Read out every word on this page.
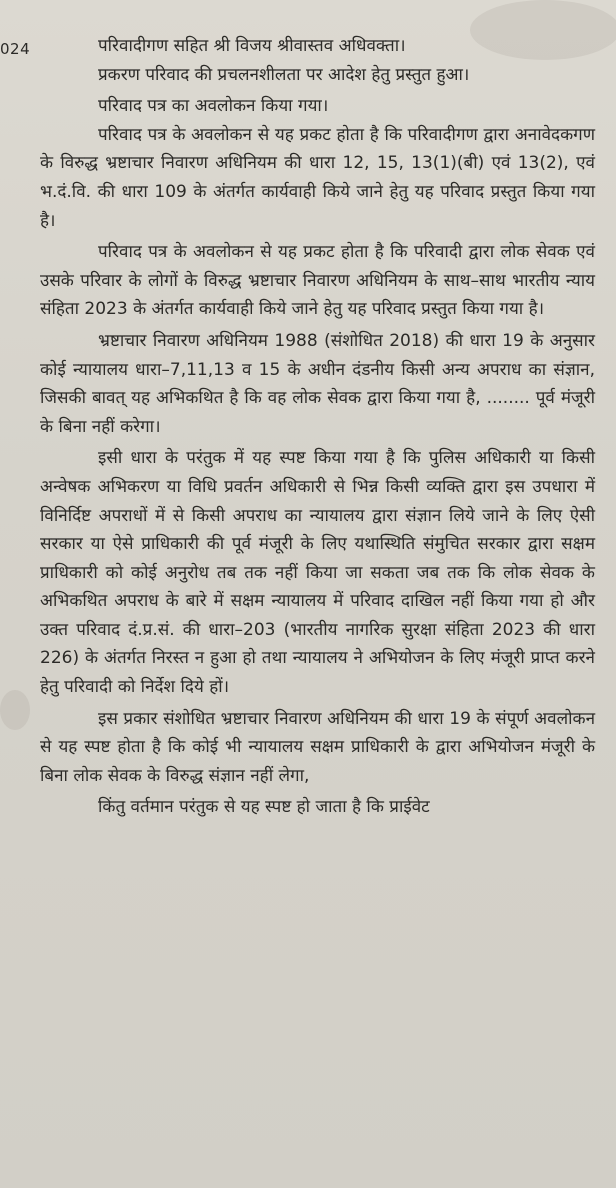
024	परिवादीगण सहित श्री विजय श्रीवास्तव अधिवक्ता।

प्रकरण परिवाद की प्रचलनशीलता पर आदेश हेतु प्रस्तुत हुआ।

परिवाद पत्र का अवलोकन किया गया।

परिवाद पत्र के अवलोकन से यह प्रकट होता है कि परिवादीगण द्वारा अनावेदकगण के विरुद्ध भ्रष्टाचार निवारण अधिनियम की धारा 12, 15, 13(1)(बी) एवं 13(2), एवं भ.दं.वि. की धारा 109 के अंतर्गत कार्यवाही किये जाने हेतु यह परिवाद प्रस्तुत किया गया है।

परिवाद पत्र के अवलोकन से यह प्रकट होता है कि परिवादी द्वारा लोक सेवक एवं उसके परिवार के लोगों के विरुद्ध भ्रष्टाचार निवारण अधिनियम के साथ–साथ भारतीय न्याय संहिता 2023 के अंतर्गत कार्यवाही किये जाने हेतु यह परिवाद प्रस्तुत किया गया है।

भ्रष्टाचार निवारण अधिनियम 1988 (संशोधित 2018) की धारा 19 के अनुसार कोई न्यायालय धारा–7,11,13 व 15 के अधीन दंडनीय किसी अन्य अपराध का संज्ञान, जिसकी बावत् यह अभिकथित है कि वह लोक सेवक द्वारा किया गया है, ........ पूर्व मंजूरी के बिना नहीं करेगा।

इसी धारा के परंतुक में यह स्पष्ट किया गया है कि पुलिस अधिकारी या किसी अन्वेषक अभिकरण या विधि प्रवर्तन अधिकारी से भिन्न किसी व्यक्ति द्वारा इस उपधारा में विनिर्दिष्ट अपराधों में से किसी अपराध का न्यायालय द्वारा संज्ञान लिये जाने के लिए ऐसी सरकार या ऐसे प्राधिकारी की पूर्व मंजूरी के लिए यथास्थिति संमुचित सरकार द्वारा सक्षम प्राधिकारी को कोई अनुरोध तब तक नहीं किया जा सकता जब तक कि लोक सेवक के अभिकथित अपराध के बारे में सक्षम न्यायालय में परिवाद दाखिल नहीं किया गया हो और उक्त परिवाद दं.प्र.सं. की धारा–203 (भारतीय नागरिक सुरक्षा संहिता 2023 की धारा 226) के अंतर्गत निरस्त न हुआ हो तथा न्यायालय ने अभियोजन के लिए मंजूरी प्राप्त करने हेतु परिवादी को निर्देश दिये हों।

इस प्रकार संशोधित भ्रष्टाचार निवारण अधिनियम की धारा 19 के संपूर्ण अवलोकन से यह स्पष्ट होता है कि कोई भी न्यायालय सक्षम प्राधिकारी के द्वारा अभियोजन मंजूरी के बिना लोक सेवक के विरुद्ध संज्ञान नहीं लेगा,

किंतु वर्तमान परंतुक से यह स्पष्ट हो जाता है कि प्राईवेट
